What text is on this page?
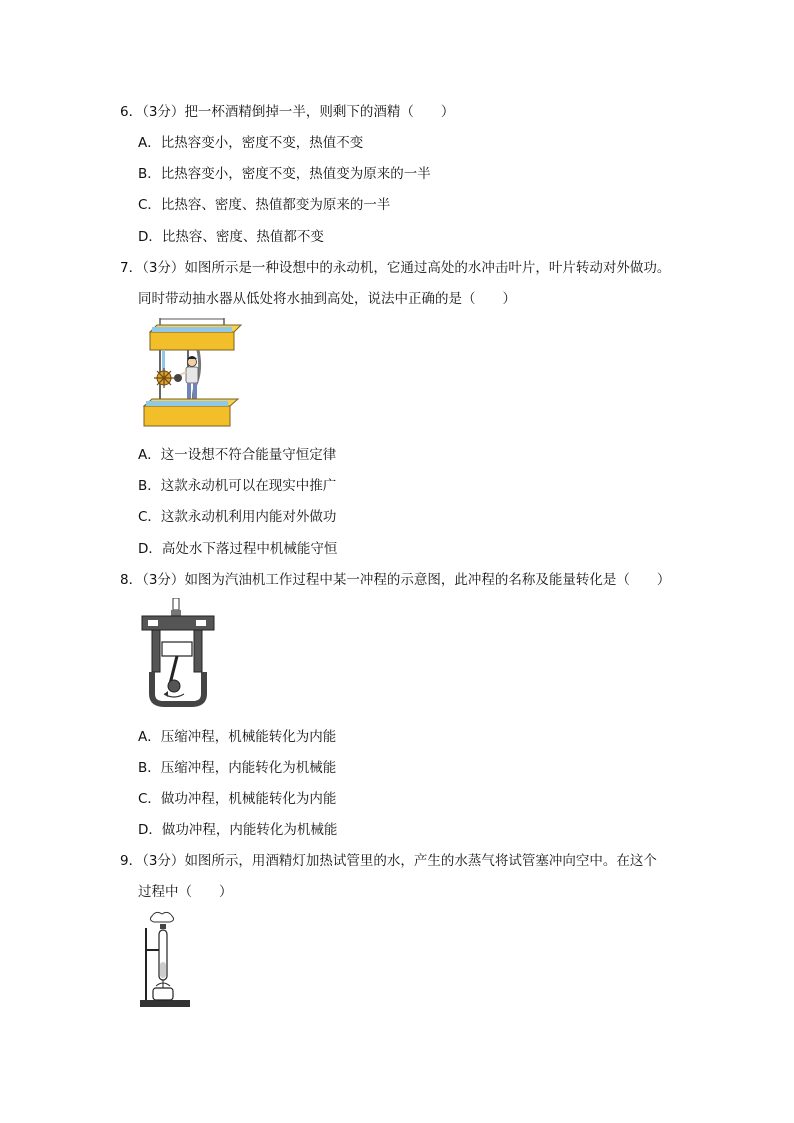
6．（3分）把一杯酒精倒掉一半，则剩下的酒精（　　）
A．比热容变小，密度不变，热值不变
B．比热容变小，密度不变，热值变为原来的一半
C．比热容、密度、热值都变为原来的一半
D．比热容、密度、热值都不变
7．（3分）如图所示是一种设想中的永动机，它通过高处的水冲击叶片，叶片转动对外做功。
同时带动抽水器从低处将水抽到高处，说法中正确的是（　　）
A．这一设想不符合能量守恒定律
B．这款永动机可以在现实中推广
C．这款永动机利用内能对外做功
D．高处水下落过程中机械能守恒
8．（3分）如图为汽油机工作过程中某一冲程的示意图，此冲程的名称及能量转化是（　　）
A．压缩冲程，机械能转化为内能
B．压缩冲程，内能转化为机械能
C．做功冲程，机械能转化为内能
D．做功冲程，内能转化为机械能
9．（3分）如图所示，用酒精灯加热试管里的水，产生的水蒸气将试管塞冲向空中。在这个
过程中（　　）
